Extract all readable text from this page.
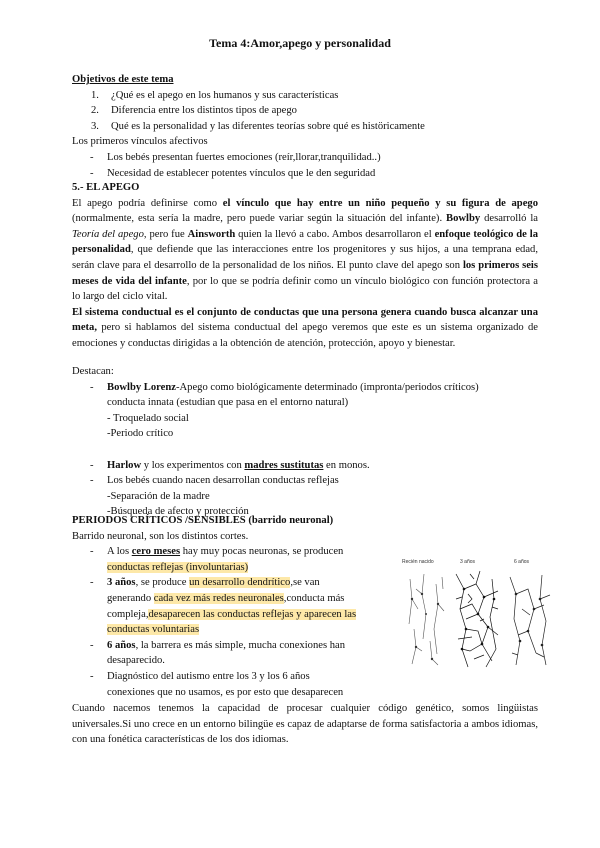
Tema 4:Amor,apego y personalidad
Objetivos de este tema
1. ¿Qué es el apego en los humanos y sus características
2. Diferencia entre los distintos tipos de apego
3. Qué es la personalidad y las diferentes teorías sobre qué es histöricamente
Los primeros vínculos afectivos
- Los bebés presentan fuertes emociones (reír,llorar,tranquilidad..)
- Necesidad de establecer potentes vínculos que le den seguridad
5.- EL APEGO
El apego podría definirse como el vínculo que hay entre un niño pequeño y su figura de apego (normalmente, esta sería la madre, pero puede variar según la situación del infante). Bowlby desarrolló la Teoría del apego, pero fue Ainsworth quien la llevó a cabo. Ambos desarrollaron el enfoque teológico de la personalidad, que defiende que las interacciones entre los progenitores y sus hijos, a una temprana edad, serán clave para el desarrollo de la personalidad de los niños. El punto clave del apego son los primeros seis meses de vida del infante, por lo que se podría definir como un vínculo biológico con función protectora a lo largo del ciclo vital.
El sistema conductual es el conjunto de conductas que una persona genera cuando busca alcanzar una meta, pero si hablamos del sistema conductual del apego veremos que este es un sistema organizado de emociones y conductas dirigidas a la obtención de atención, protección, apoyo y bienestar.
Destacan:
- Bowlby Lorenz-Apego como biológicamente determinado (impronta/periodos críticos)
conducta innata (estudian que pasa en el entorno natural)
- Troquelado social
-Periodo crítico
- Harlow y los experimentos con madres sustitutas en monos.
- Los bebés cuando nacen desarrollan conductas reflejas
-Separación de la madre
-Búsqueda de afecto y protección
PERIODOS CRÍTICOS /SENSIBLES (barrido neuronal)
Barrido neuronal, son los distintos cortes.
- A los cero meses hay muy pocas neuronas, se producen
conductas reflejas (involuntarias)
- 3 años, se produce un desarrollo dendrítico,se van
generando cada vez más redes neuronales,conducta más
compleja,desaparecen las conductas reflejas y aparecen las
conductas voluntarias
- 6 años, la barrera es más simple, mucha conexiones han
desaparecido.
- Diagnóstico del autismo entre los 3 y los 6 años
conexiones que no usamos, es por esto que desaparecen
Recién nacido	3 años	6 años
Cuando nacemos tenemos la capacidad de procesar cualquier código genético, somos lingüistas universales.Si uno crece en un entorno bilingüe es capaz de adaptarse de forma satisfactoria a ambos idiomas, con una fonética características de los dos idiomas.
